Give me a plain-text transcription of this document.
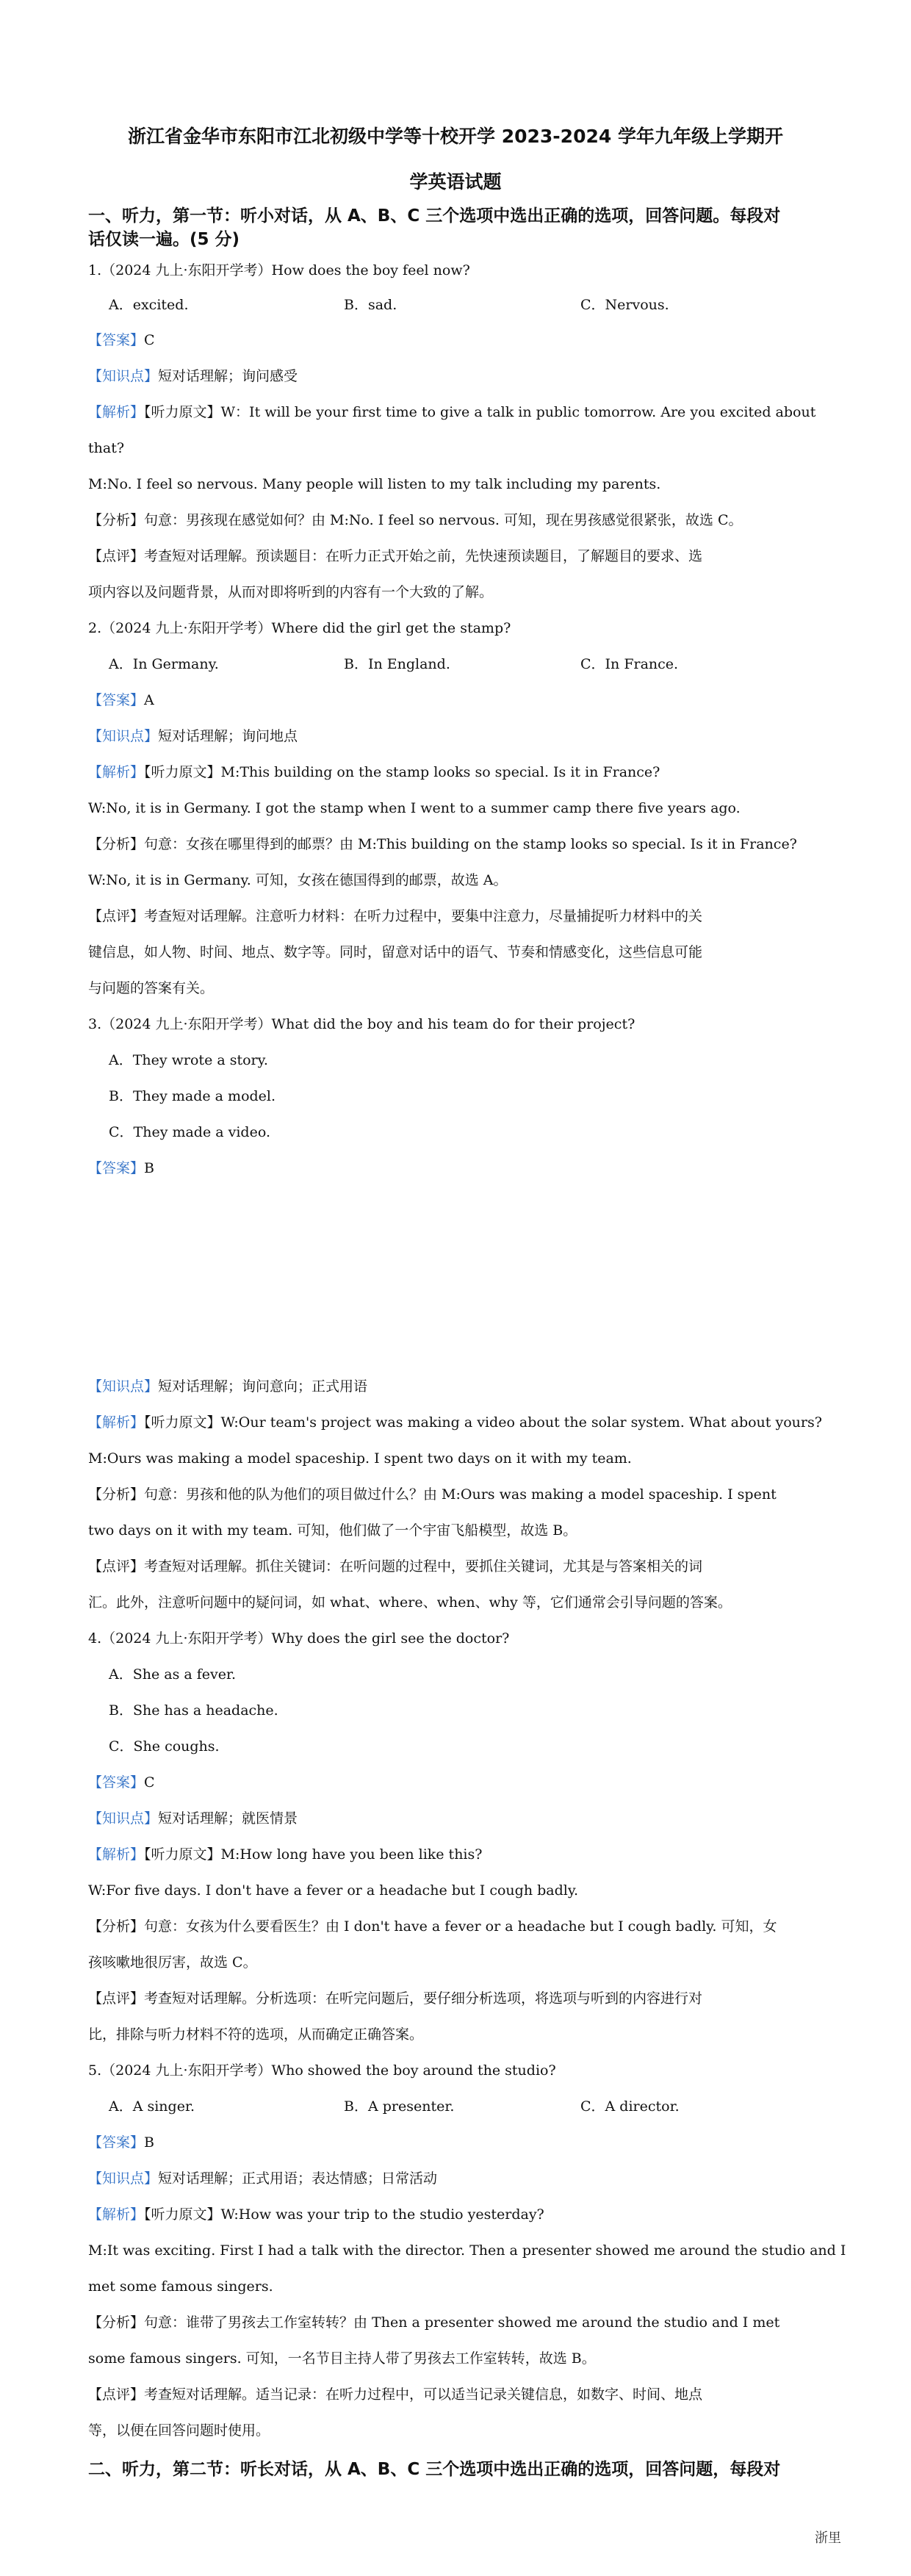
浙江省金华市东阳市江北初级中学等十校开学 2023-2024 学年九年级上学期开
学英语试题
一、听力，第一节：听小对话，从 A、B、C 三个选项中选出正确的选项，回答问题。每段对
话仅读一遍。(5 分)
1.（2024 九上·东阳开学考）How does the boy feel now?
A．excited.	B．sad.	C．Nervous.
【答案】C
【知识点】短对话理解；询问感受
【解析】【听力原文】W：It will be your first time to give a talk in public tomorrow. Are you excited about
that?
M:No. I feel so nervous. Many people will listen to my talk including my parents.
【分析】句意：男孩现在感觉如何？由 M:No. I feel so nervous. 可知，现在男孩感觉很紧张，故选 C。
【点评】考查短对话理解。预读题目：在听力正式开始之前，先快速预读题目，了解题目的要求、选
项内容以及问题背景，从而对即将听到的内容有一个大致的了解。
2.（2024 九上·东阳开学考）Where did the girl get the stamp?
A．In Germany.	B．In England.	C．In France.
【答案】A
【知识点】短对话理解；询问地点
【解析】【听力原文】M:This building on the stamp looks so special. Is it in France?
W:No, it is in Germany. I got the stamp when I went to a summer camp there five years ago.
【分析】句意：女孩在哪里得到的邮票？由 M:This building on the stamp looks so special. Is it in France?
W:No, it is in Germany. 可知，女孩在德国得到的邮票，故选 A。
【点评】考查短对话理解。注意听力材料：在听力过程中，要集中注意力，尽量捕捉听力材料中的关
键信息，如人物、时间、地点、数字等。同时，留意对话中的语气、节奏和情感变化，这些信息可能
与问题的答案有关。
3.（2024 九上·东阳开学考）What did the boy and his team do for their project?
A．They wrote a story.
B．They made a model.
C．They made a video.
【答案】B
【知识点】短对话理解；询问意向；正式用语
【解析】【听力原文】W:Our team's project was making a video about the solar system. What about yours?
M:Ours was making a model spaceship. I spent two days on it with my team.
【分析】句意：男孩和他的队为他们的项目做过什么？由 M:Ours was making a model spaceship. I spent
two days on it with my team. 可知，他们做了一个宇宙飞船模型，故选 B。
【点评】考查短对话理解。抓住关键词：在听问题的过程中，要抓住关键词，尤其是与答案相关的词
汇。此外，注意听问题中的疑问词，如 what、where、when、why 等，它们通常会引导问题的答案。
4.（2024 九上·东阳开学考）Why does the girl see the doctor?
A．She as a fever.
B．She has a headache.
C．She coughs.
【答案】C
【知识点】短对话理解；就医情景
【解析】【听力原文】M:How long have you been like this?
W:For five days. I don't have a fever or a headache but I cough badly.
【分析】句意：女孩为什么要看医生？由 I don't have a fever or a headache but I cough badly. 可知，女
孩咳嗽地很厉害，故选 C。
【点评】考查短对话理解。分析选项：在听完问题后，要仔细分析选项，将选项与听到的内容进行对
比，排除与听力材料不符的选项，从而确定正确答案。
5.（2024 九上·东阳开学考）Who showed the boy around the studio?
A．A singer.	B．A presenter.	C．A director.
【答案】B
【知识点】短对话理解；正式用语；表达情感；日常活动
【解析】【听力原文】W:How was your trip to the studio yesterday?
M:It was exciting. First I had a talk with the director. Then a presenter showed me around the studio and I
met some famous singers.
【分析】句意：谁带了男孩去工作室转转？由 Then a presenter showed me around the studio and I met
some famous singers. 可知，一名节目主持人带了男孩去工作室转转，故选 B。
【点评】考查短对话理解。适当记录：在听力过程中，可以适当记录关键信息，如数字、时间、地点
等，以便在回答问题时使用。
二、听力，第二节：听长对话，从 A、B、C 三个选项中选出正确的选项，回答问题，每段对
浙里
